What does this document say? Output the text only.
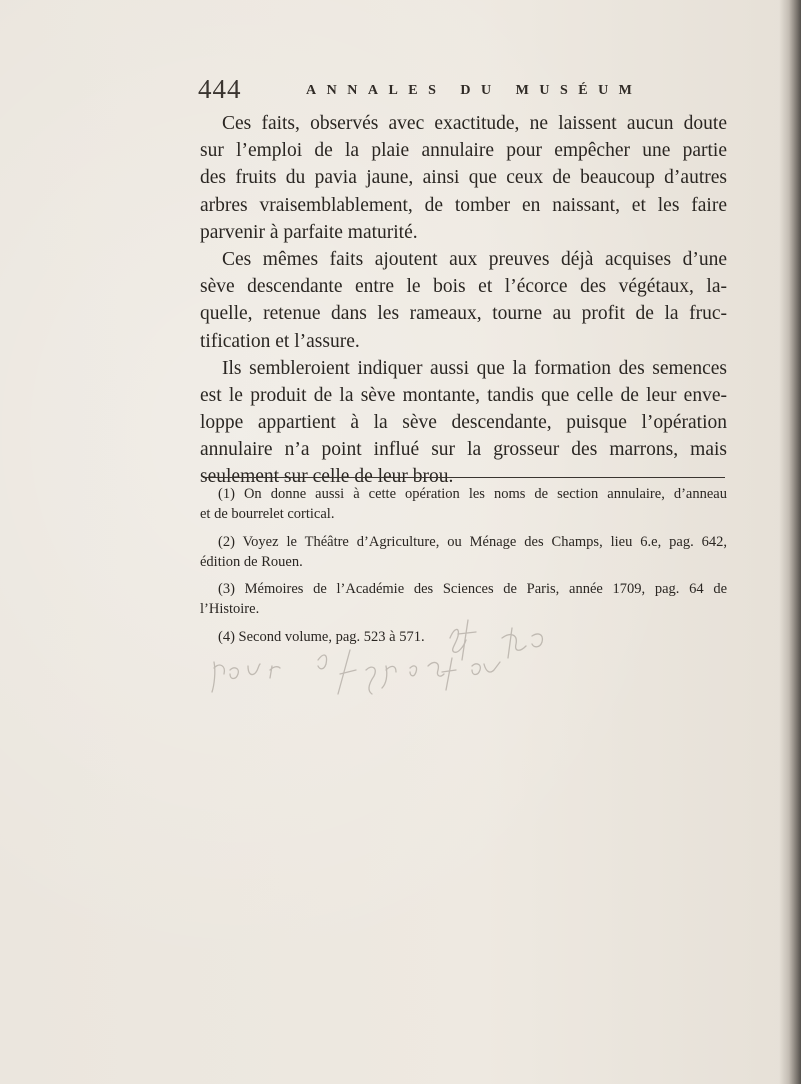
444	ANNALES DU MUSÉUM
Ces faits, observés avec exactitude, ne laissent aucun doute
sur l’emploi de la plaie annulaire pour empêcher une partie
des fruits du pavia jaune, ainsi que ceux de beaucoup d’autres
arbres vraisemblablement, de tomber en naissant, et les faire
parvenir à parfaite maturité.
Ces mêmes faits ajoutent aux preuves déjà acquises d’une
sève descendante entre le bois et l’écorce des végétaux, la-
quelle, retenue dans les rameaux, tourne au profit de la fruc-
tification et l’assure.
Ils sembleroient indiquer aussi que la formation des semences
est le produit de la sève montante, tandis que celle de leur enve-
loppe appartient à la sève descendante, puisque l’opération
annulaire n’a point influé sur la grosseur des marrons, mais
seulement sur celle de leur brou.
(1) On donne aussi à cette opération les noms de section annulaire, d’anneau
et de bourrelet cortical.
(2) Voyez le Théâtre d’Agriculture, ou Ménage des Champs, lieu 6.e, pag. 642,
édition de Rouen.
(3) Mémoires de l’Académie des Sciences de Paris, année 1709, pag. 64 de
l’Histoire.
(4) Second volume, pag. 523 à 571.
